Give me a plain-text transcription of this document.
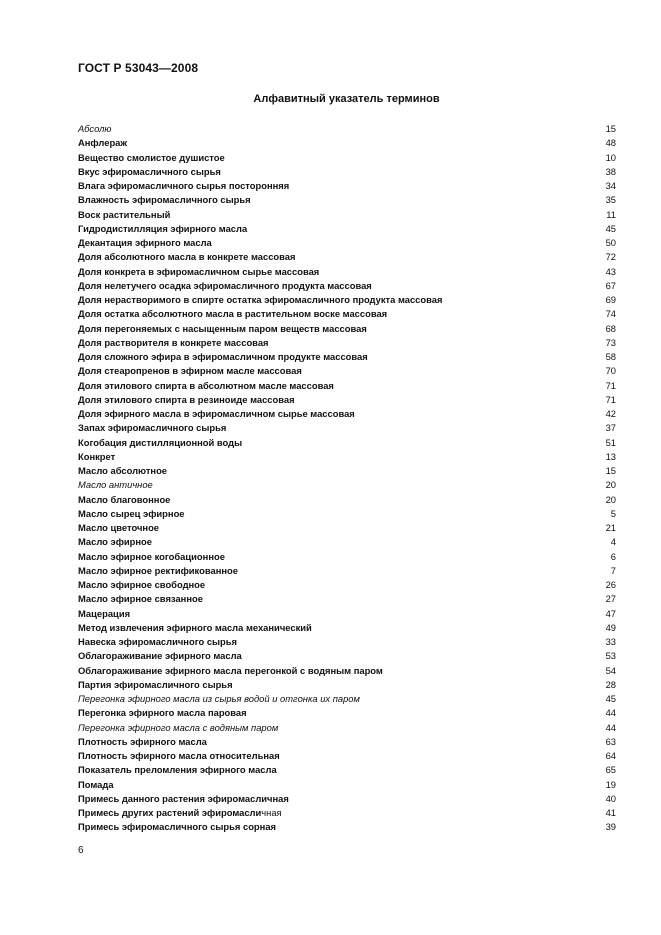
ГОСТ Р 53043—2008
Алфавитный указатель терминов
Абсолю	15
Анфлераж	48
Вещество смолистое душистое	10
Вкус эфиромасличного сырья	38
Влага эфиромасличного сырья посторонняя	34
Влажность эфиромасличного сырья	35
Воск растительный	11
Гидродистилляция эфирного масла	45
Декантация эфирного масла	50
Доля абсолютного масла в конкрете массовая	72
Доля конкрета в эфиромасличном сырье массовая	43
Доля нелетучего осадка эфиромасличного продукта массовая	67
Доля нерастворимого в спирте остатка эфиромасличного продукта массовая	69
Доля остатка абсолютного масла в растительном воске массовая	74
Доля перегоняемых с насыщенным паром веществ массовая	68
Доля растворителя в конкрете массовая	73
Доля сложного эфира в эфиромасличном продукте массовая	58
Доля стеаропренов в эфирном масле массовая	70
Доля этилового спирта в абсолютном масле массовая	71
Доля этилового спирта в резиноиде массовая	71
Доля эфирного масла в эфиромасличном сырье массовая	42
Запах эфиромасличного сырья	37
Когобация дистилляционной воды	51
Конкрет	13
Масло абсолютное	15
Масло античное	20
Масло благовонное	20
Масло сырец эфирное	5
Масло цветочное	21
Масло эфирное	4
Масло эфирное когобационное	6
Масло эфирное ректификованное	7
Масло эфирное свободное	26
Масло эфирное связанное	27
Мацерация	47
Метод извлечения эфирного масла механический	49
Навеска эфиромасличного сырья	33
Облагораживание эфирного масла	53
Облагораживание эфирного масла перегонкой с водяным паром	54
Партия эфиромасличного сырья	28
Перегонка эфирного масла из сырья водой и отгонка их паром	45
Перегонка эфирного масла паровая	44
Перегонка эфирного масла с водяным паром	44
Плотность эфирного масла	63
Плотность эфирного масла относительная	64
Показатель преломления эфирного масла	65
Помада	19
Примесь данного растения эфиромасличная	40
Примесь других растений эфиромасличная	41
Примесь эфиромасличного сырья сорная	39
6
